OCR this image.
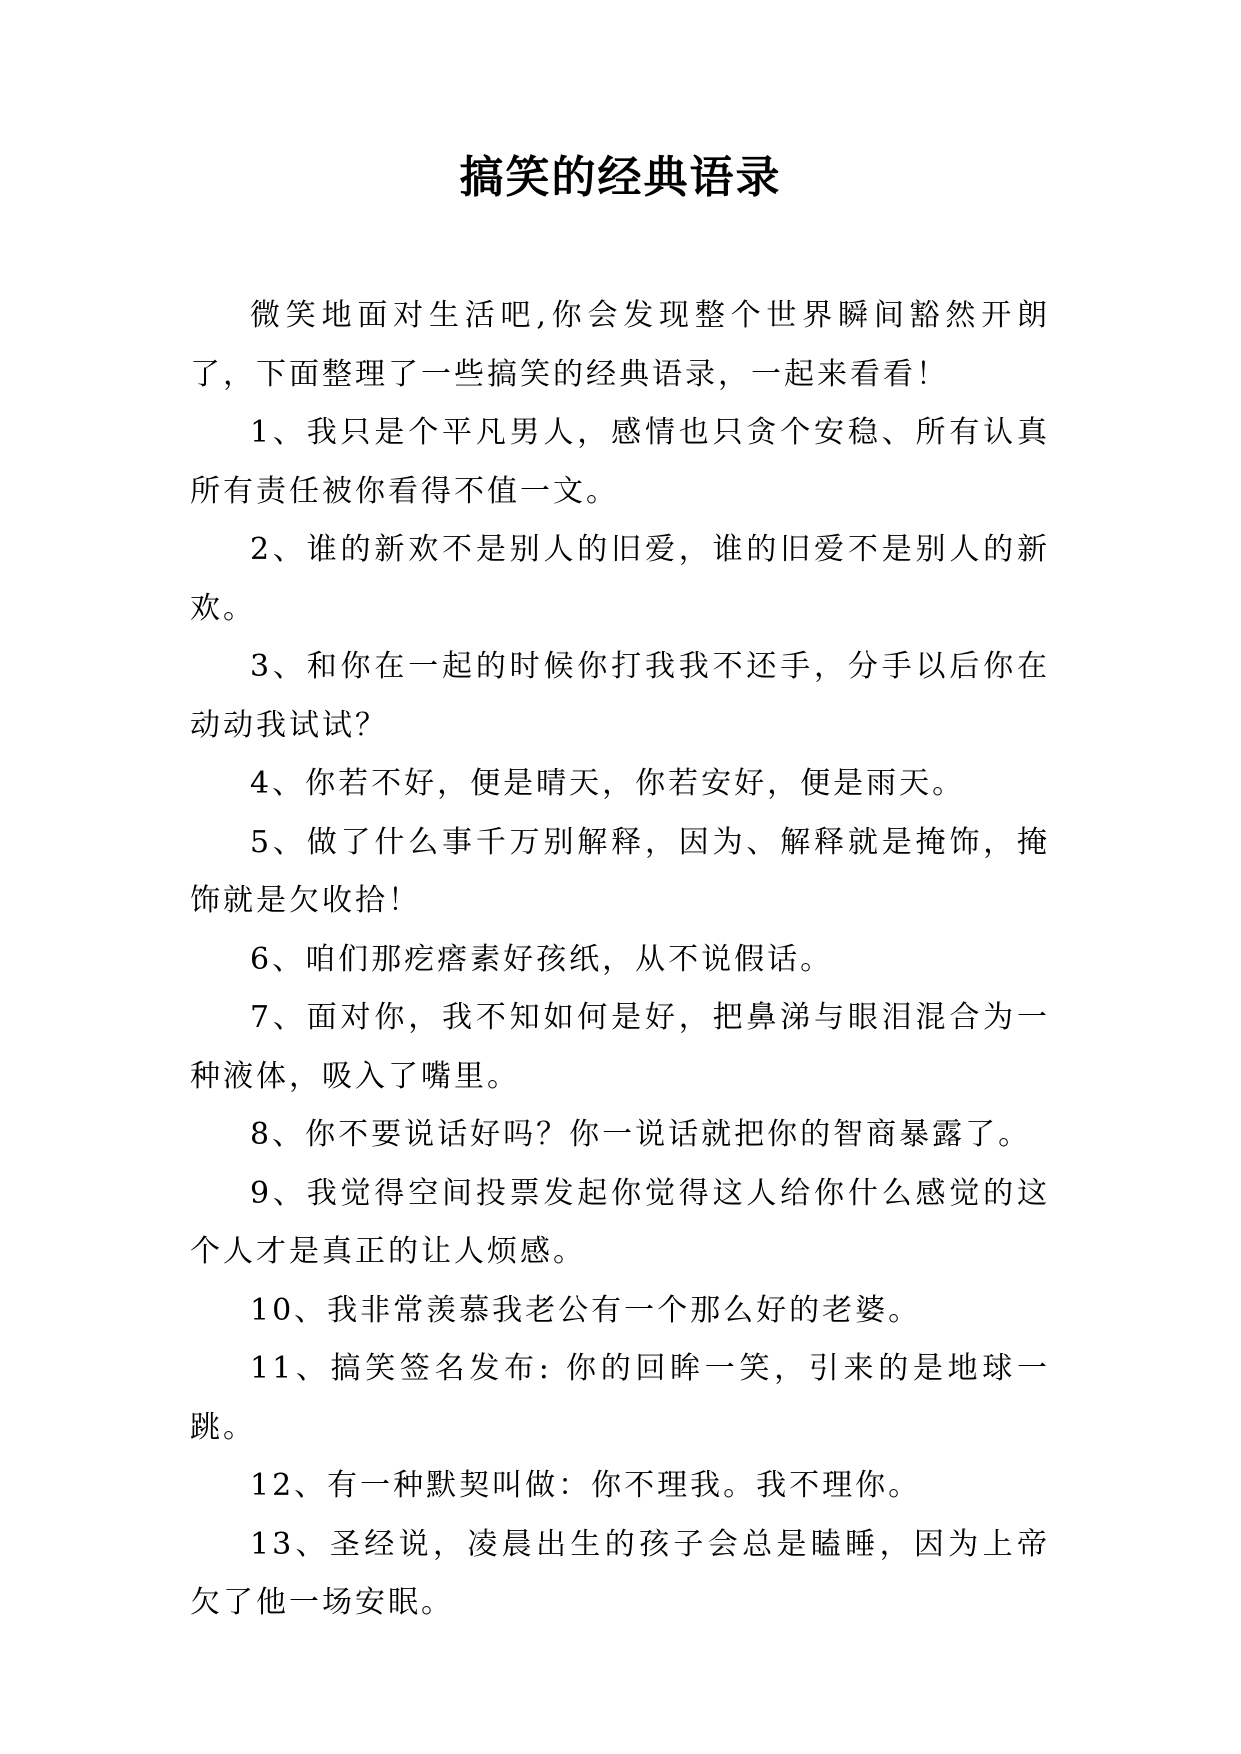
搞笑的经典语录

微笑地面对生活吧,你会发现整个世界瞬间豁然开朗了，下面整理了一些搞笑的经典语录，一起来看看！

1、我只是个平凡男人，感情也只贪个安稳、所有认真所有责任被你看得不值一文。

2、谁的新欢不是别人的旧爱，谁的旧爱不是别人的新欢。

3、和你在一起的时候你打我我不还手，分手以后你在动动我试试？

4、你若不好，便是晴天，你若安好，便是雨天。

5、做了什么事千万别解释，因为、解释就是掩饰，掩饰就是欠收拾！

6、咱们那疙瘩素好孩纸，从不说假话。

7、面对你，我不知如何是好，把鼻涕与眼泪混合为一种液体，吸入了嘴里。

8、你不要说话好吗？你一说话就把你的智商暴露了。

9、我觉得空间投票发起你觉得这人给你什么感觉的这个人才是真正的让人烦感。

10、我非常羡慕我老公有一个那么好的老婆。

11、搞笑签名发布: 你的回眸一笑，引来的是地球一跳。

12、有一种默契叫做：你不理我。我不理你。

13、圣经说，凌晨出生的孩子会总是瞌睡，因为上帝欠了他一场安眠。
